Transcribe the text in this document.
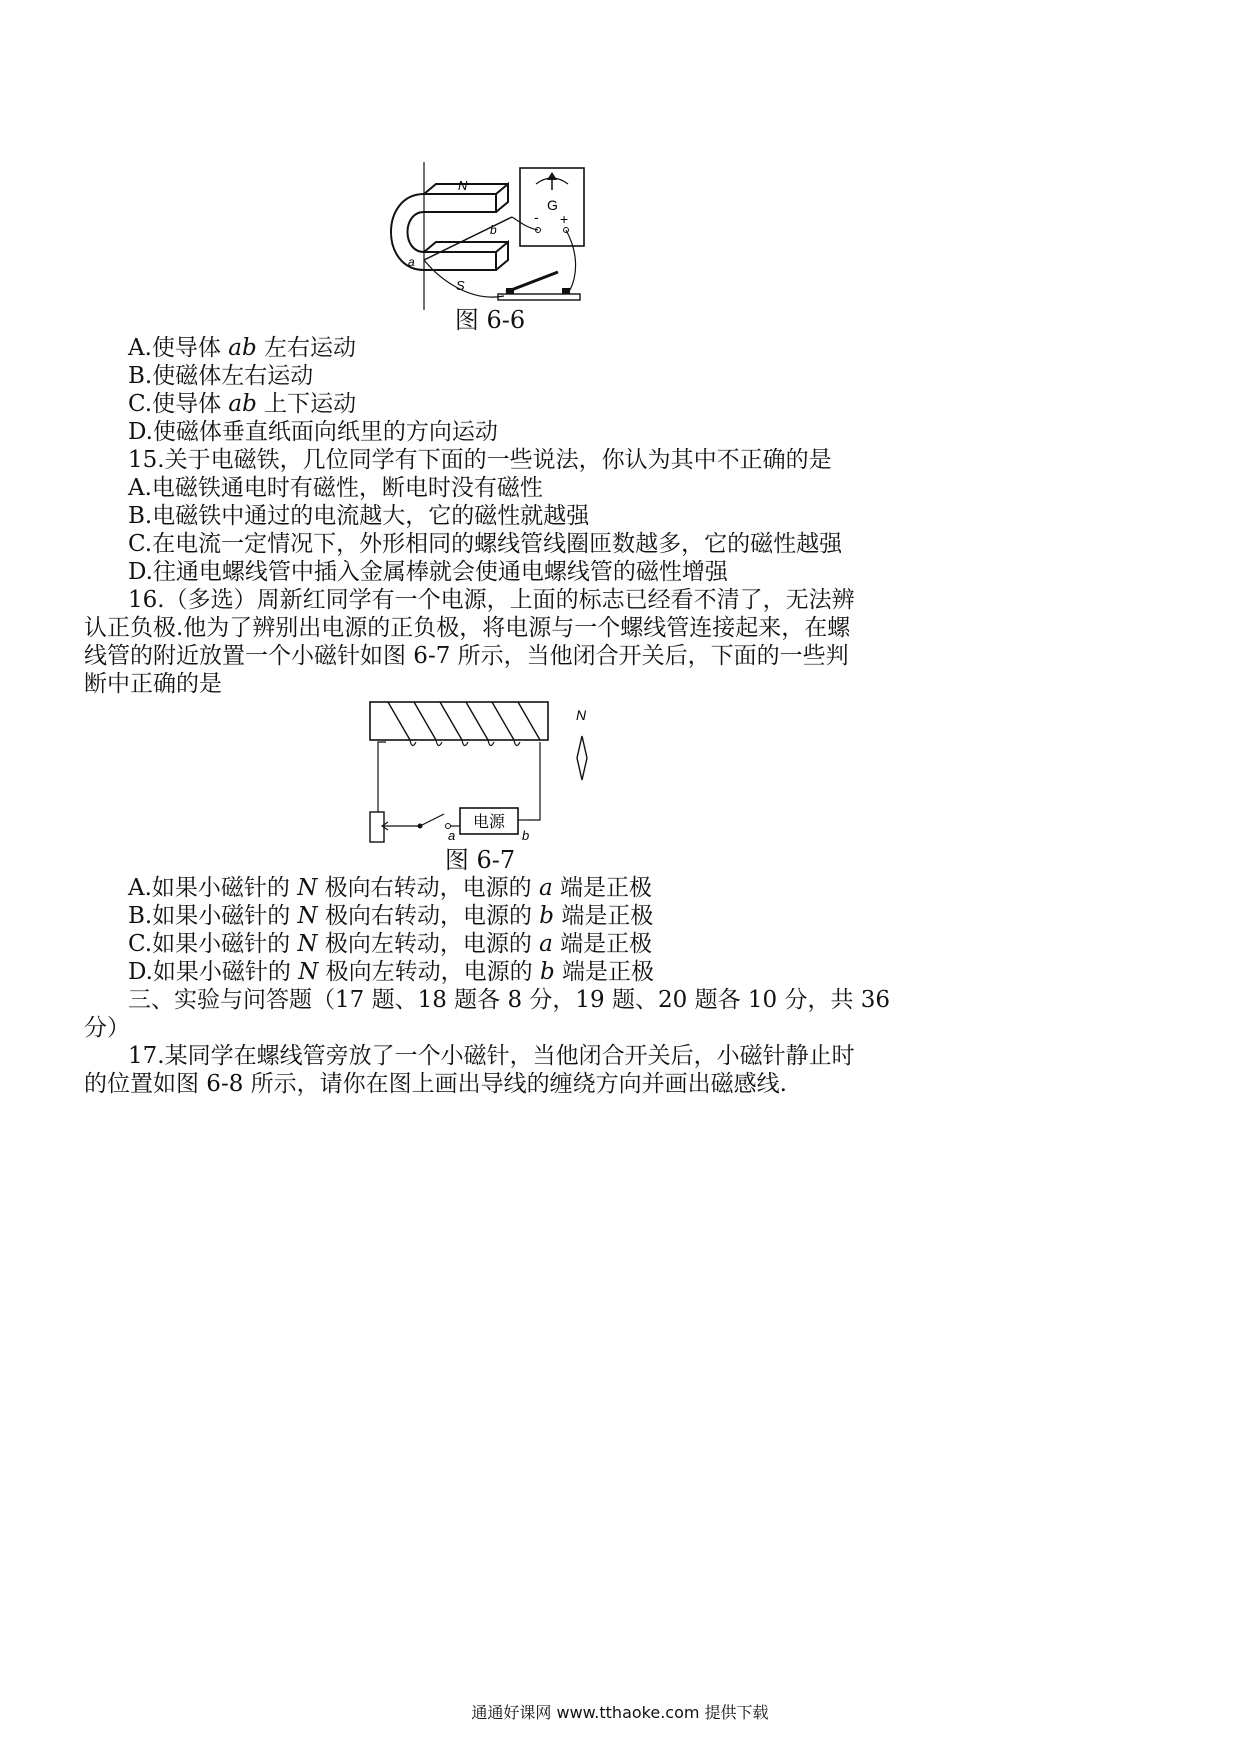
N
S
a
b
G
- +
图 6-6
A.使导体 ab 左右运动
B.使磁体左右运动
C.使导体 ab 上下运动
D.使磁体垂直纸面向纸里的方向运动
15.关于电磁铁，几位同学有下面的一些说法，你认为其中不正确的是
A.电磁铁通电时有磁性，断电时没有磁性
B.电磁铁中通过的电流越大，它的磁性就越强
C.在电流一定情况下，外形相同的螺线管线圈匝数越多，它的磁性越强
D.往通电螺线管中插入金属棒就会使通电螺线管的磁性增强
16.（多选）周新红同学有一个电源，上面的标志已经看不清了，无法辨
认正负极.他为了辨别出电源的正负极，将电源与一个螺线管连接起来，在螺
线管的附近放置一个小磁针如图 6-7 所示，当他闭合开关后，下面的一些判
断中正确的是
电源
a	b
N
图 6-7
A.如果小磁针的 N 极向右转动，电源的 a 端是正极
B.如果小磁针的 N 极向右转动，电源的 b 端是正极
C.如果小磁针的 N 极向左转动，电源的 a 端是正极
D.如果小磁针的 N 极向左转动，电源的 b 端是正极
三、实验与问答题（17 题、18 题各 8 分，19 题、20 题各 10 分，共 36
分）
17.某同学在螺线管旁放了一个小磁针，当他闭合开关后，小磁针静止时
的位置如图 6-8 所示，请你在图上画出导线的缠绕方向并画出磁感线.
通通好课网 www.tthaoke.com 提供下载
